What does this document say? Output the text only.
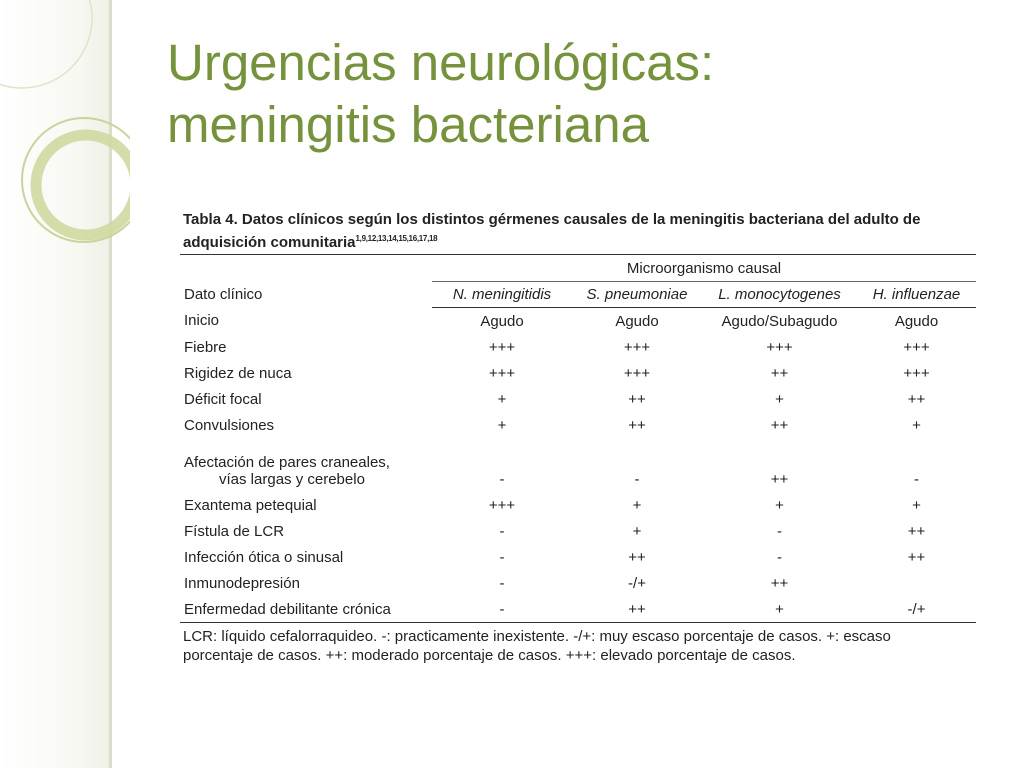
Urgencias neurológicas:
meningitis bacteriana
Tabla 4. Datos clínicos según los distintos gérmenes causales de la meningitis bacteriana del adulto de adquisición comunitaria$^{1,9,12,13,14,15,16,17,18}$
Dato clínico	Microorganismo causal			
	N. meningitidis	S. pneumoniae	L. monocytogenes	H. influenzae
Inicio	Agudo	Agudo	Agudo/Subagudo	Agudo
Fiebre	+++	+++	+++	+++
Rigidez de nuca	+++	+++	++	+++
Déficit focal	+	++	+	++
Convulsiones	+	++	++	+
Afectación de pares craneales,
vías largas y cerebelo	-	-	++	-
Exantema petequial	+++	+	+	+
Fístula de LCR	-	+	-	++
Infección ótica o sinusal	-	++	-	++
Inmunodepresión	-	-/+	++	
Enfermedad debilitante crónica	-	++	+	-/+
LCR: líquido cefalorraquideo. -: practicamente inexistente. -/+: muy escaso porcentaje de casos. +: escaso
porcentaje de casos. ++: moderado porcentaje de casos. +++: elevado porcentaje de casos.
